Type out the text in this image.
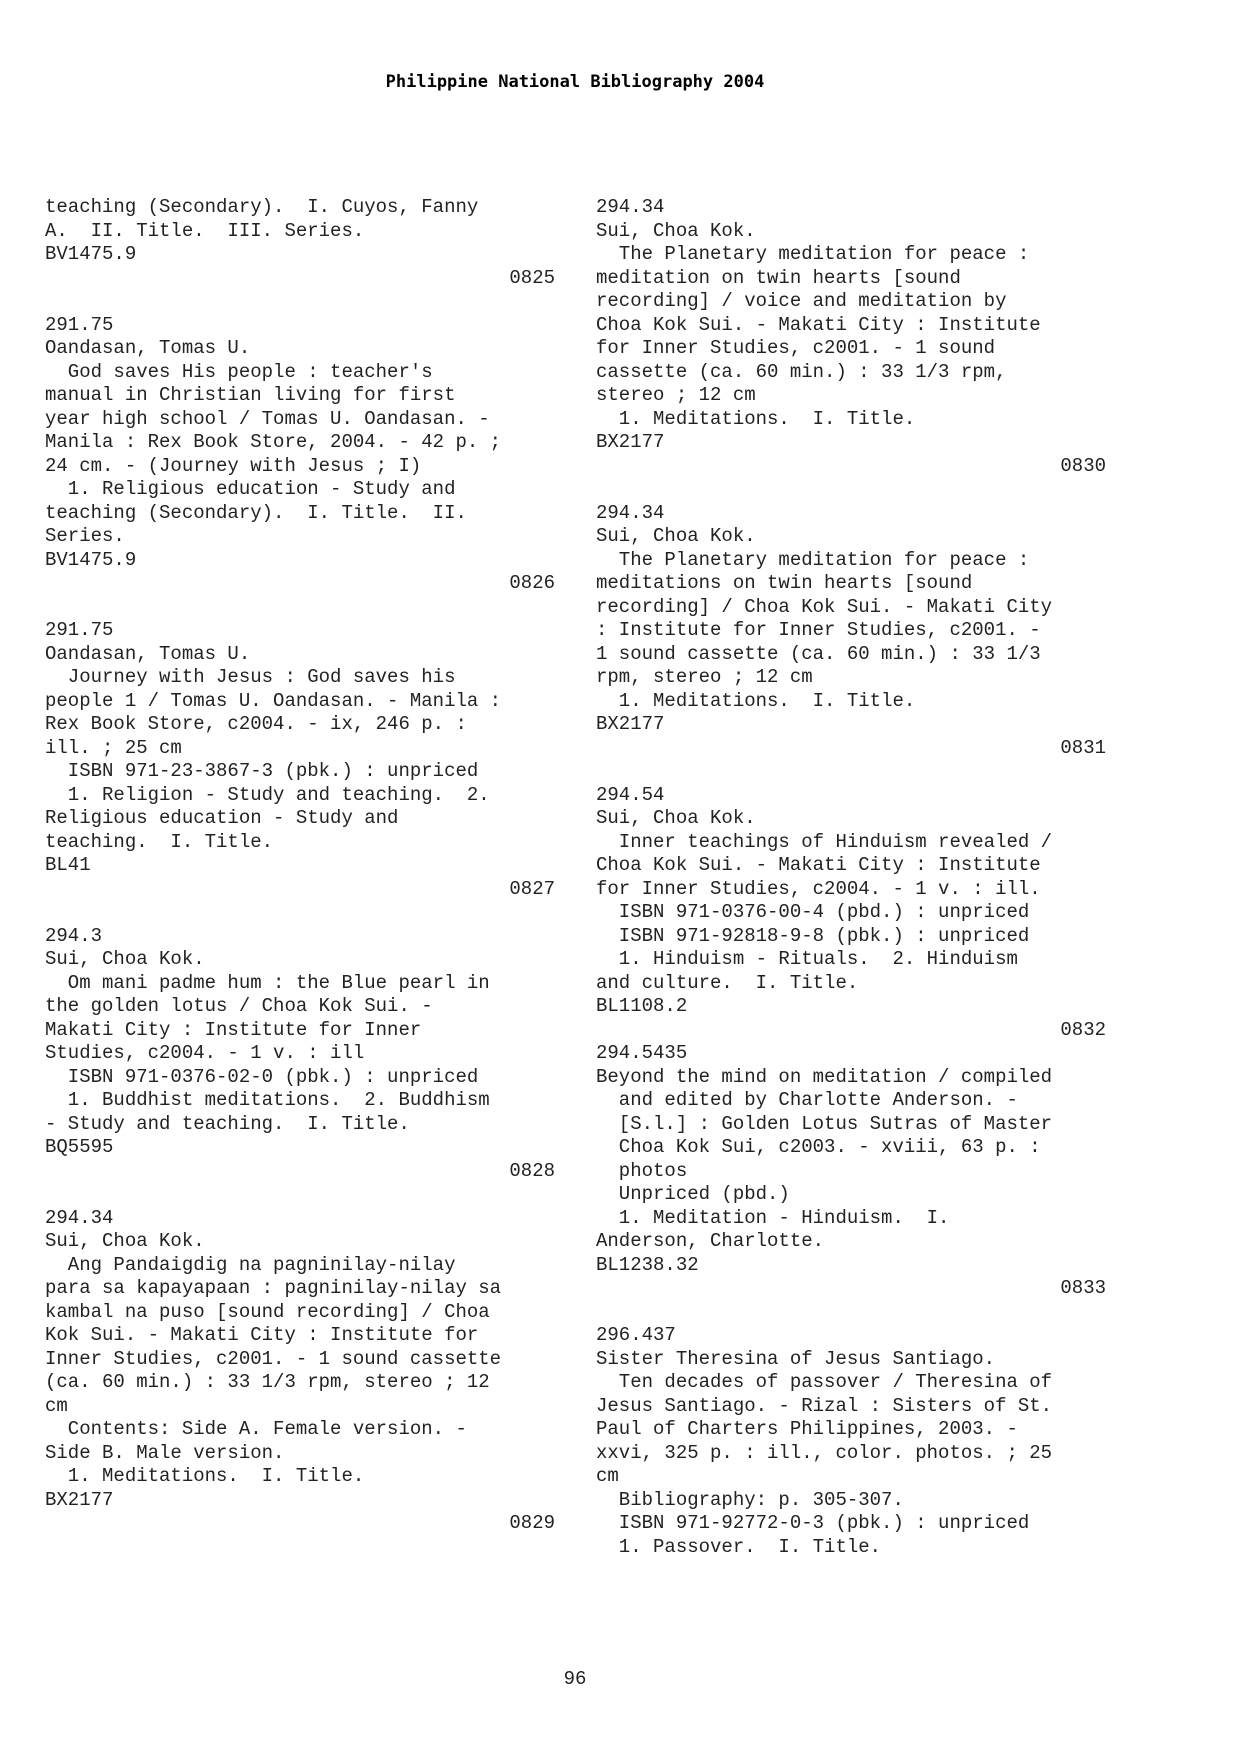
Philippine National Bibliography 2004
teaching (Secondary).  I. Cuyos, Fanny
A.  II. Title.  III. Series.
BV1475.9
0825
291.75
Oandasan, Tomas U.
God saves His people : teacher's
manual in Christian living for first
year high school / Tomas U. Oandasan. -
Manila : Rex Book Store, 2004. - 42 p. ;
24 cm. - (Journey with Jesus ; I)
1. Religious education - Study and
teaching (Secondary).  I. Title.  II.
Series.
BV1475.9
0826
291.75
Oandasan, Tomas U.
Journey with Jesus : God saves his
people 1 / Tomas U. Oandasan. - Manila :
Rex Book Store, c2004. - ix, 246 p. :
ill. ; 25 cm
ISBN 971-23-3867-3 (pbk.) : unpriced
1. Religion - Study and teaching.  2.
Religious education - Study and
teaching.  I. Title.
BL41
0827
294.3
Sui, Choa Kok.
Om mani padme hum : the Blue pearl in
the golden lotus / Choa Kok Sui. -
Makati City : Institute for Inner
Studies, c2004. - 1 v. : ill
ISBN 971-0376-02-0 (pbk.) : unpriced
1. Buddhist meditations.  2. Buddhism
- Study and teaching.  I. Title.
BQ5595
0828
294.34
Sui, Choa Kok.
Ang Pandaigdig na pagninilay-nilay
para sa kapayapaan : pagninilay-nilay sa
kambal na puso [sound recording] / Choa
Kok Sui. - Makati City : Institute for
Inner Studies, c2001. - 1 sound cassette
(ca. 60 min.) : 33 1/3 rpm, stereo ; 12
cm
Contents: Side A. Female version. -
Side B. Male version.
1. Meditations.  I. Title.
BX2177
0829
294.34
Sui, Choa Kok.
The Planetary meditation for peace :
meditation on twin hearts [sound
recording] / voice and meditation by
Choa Kok Sui. - Makati City : Institute
for Inner Studies, c2001. - 1 sound
cassette (ca. 60 min.) : 33 1/3 rpm,
stereo ; 12 cm
1. Meditations.  I. Title.
BX2177
0830
294.34
Sui, Choa Kok.
The Planetary meditation for peace :
meditations on twin hearts [sound
recording] / Choa Kok Sui. - Makati City
: Institute for Inner Studies, c2001. -
1 sound cassette (ca. 60 min.) : 33 1/3
rpm, stereo ; 12 cm
1. Meditations.  I. Title.
BX2177
0831
294.54
Sui, Choa Kok.
Inner teachings of Hinduism revealed /
Choa Kok Sui. - Makati City : Institute
for Inner Studies, c2004. - 1 v. : ill.
ISBN 971-0376-00-4 (pbd.) : unpriced
ISBN 971-92818-9-8 (pbk.) : unpriced
1. Hinduism - Rituals.  2. Hinduism
and culture.  I. Title.
BL1108.2
0832
294.5435
Beyond the mind on meditation / compiled
and edited by Charlotte Anderson. -
[S.l.] : Golden Lotus Sutras of Master
Choa Kok Sui, c2003. - xviii, 63 p. :
photos
Unpriced (pbd.)
1. Meditation - Hinduism.  I.
Anderson, Charlotte.
BL1238.32
0833
296.437
Sister Theresina of Jesus Santiago.
Ten decades of passover / Theresina of
Jesus Santiago. - Rizal : Sisters of St.
Paul of Charters Philippines, 2003. -
xxvi, 325 p. : ill., color. photos. ; 25
cm
Bibliography: p. 305-307.
ISBN 971-92772-0-3 (pbk.) : unpriced
1. Passover.  I. Title.
96
